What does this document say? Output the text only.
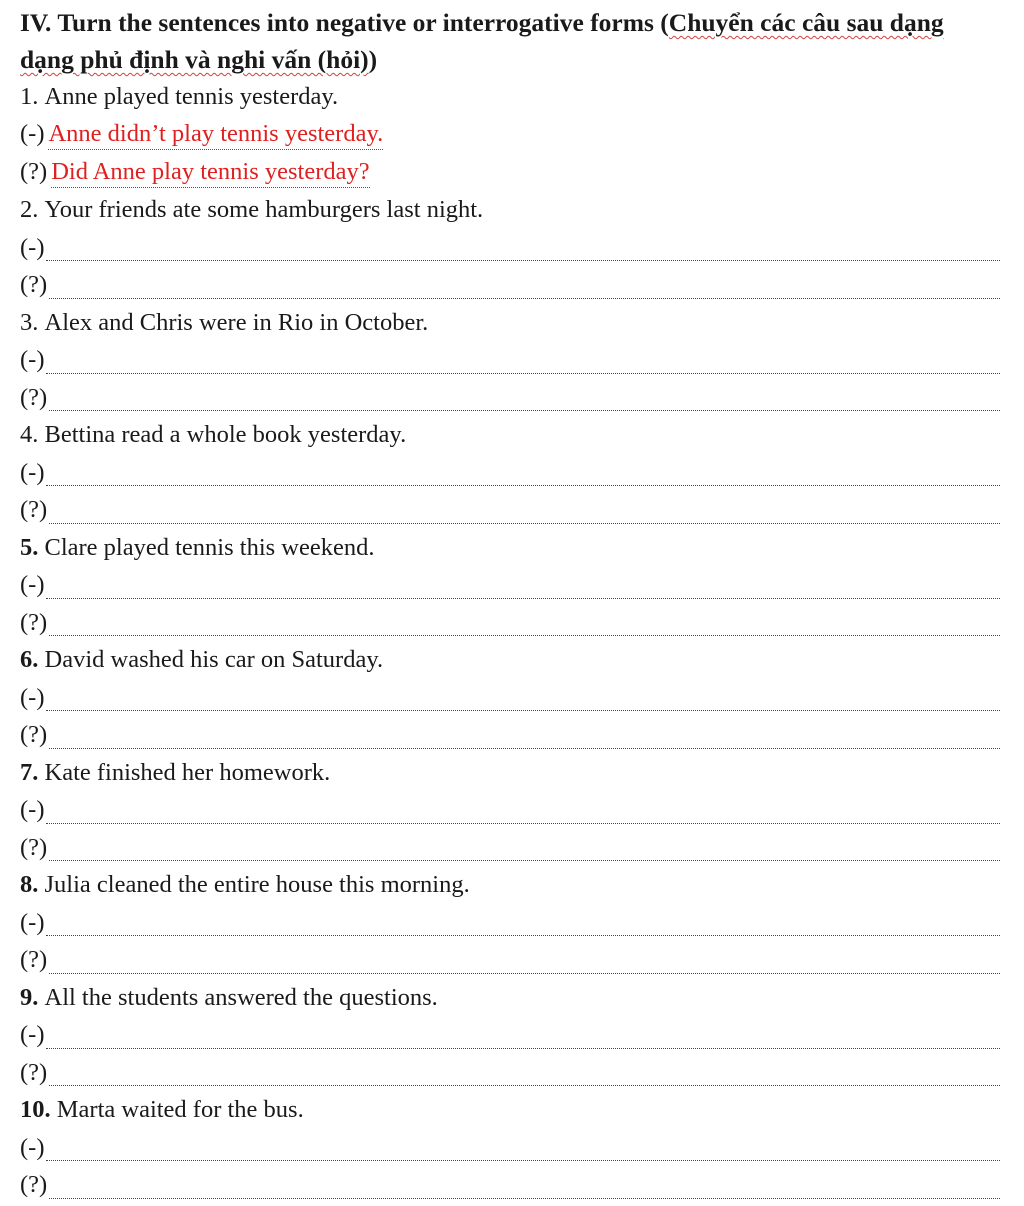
IV. Turn the sentences into negative or interrogative forms (Chuyển các câu sau dạng
dạng phủ định và nghi vấn (hỏi))
1.
Anne played tennis yesterday.
(-) Anne didn’t play tennis yesterday.
(?) Did Anne play tennis yesterday?
2.
Your friends ate some hamburgers last night.
(-)
(?)
3.
Alex and Chris were in Rio in October.
(-)
(?)
4.
Bettina read a whole book yesterday.
(-)
(?)
5.
Clare played tennis this weekend.
(-)
(?)
6.
David washed his car on Saturday.
(-)
(?)
7.
Kate finished her homework.
(-)
(?)
8.
Julia cleaned the entire house this morning.
(-)
(?)
9.
All the students answered the questions.
(-)
(?)
10.
Marta waited for the bus.
(-)
(?)
